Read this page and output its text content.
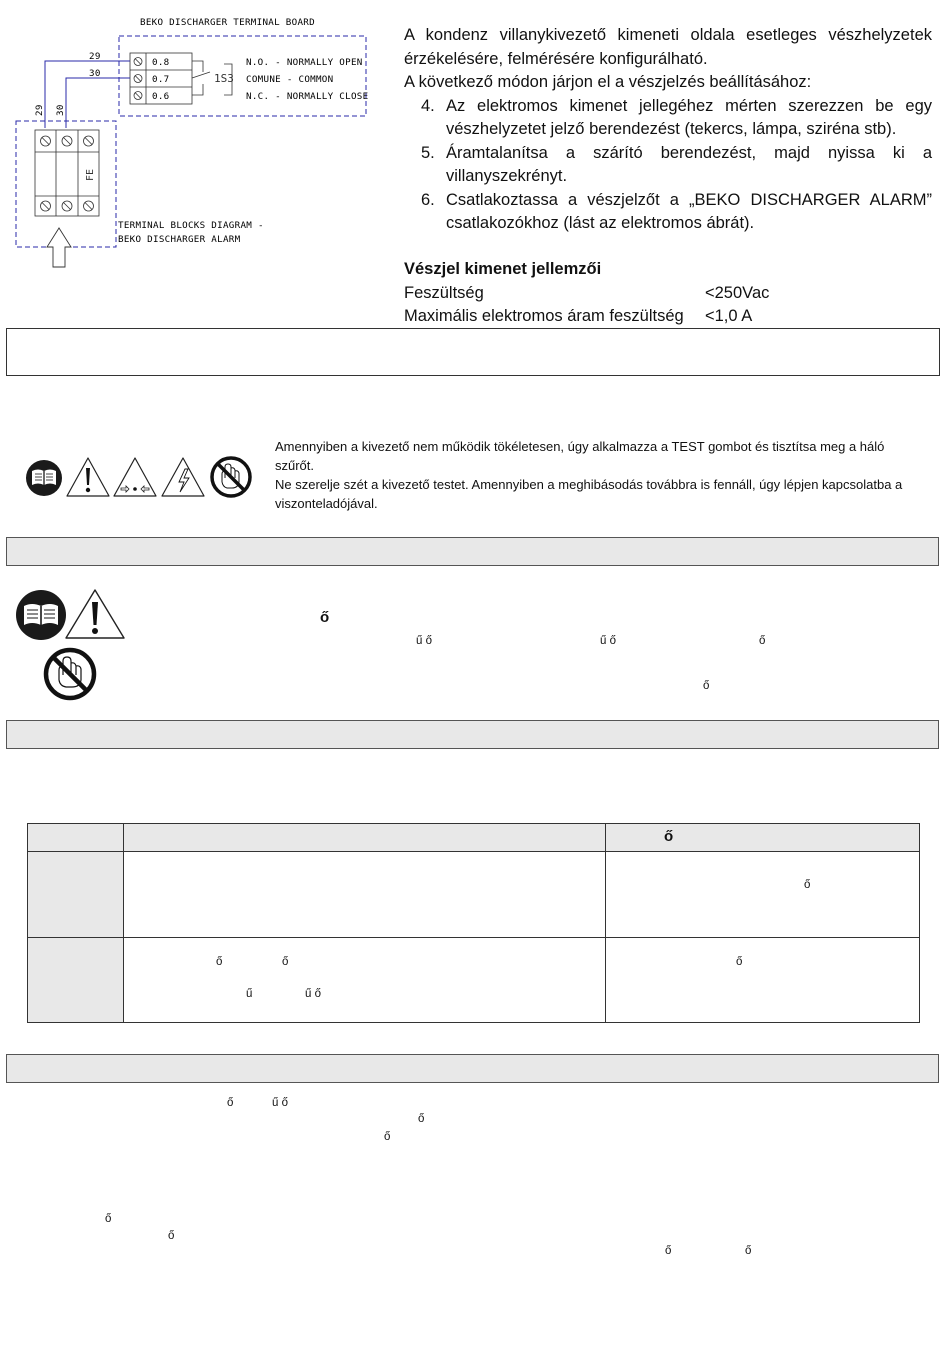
BEKO DISCHARGER TERMINAL BOARD
0.8
0.7
0.6
1S3
N.O. - NORMALLY OPEN
COMUNE - COMMON
N.C. - NORMALLY CLOSE
29
30
29 30
FE
TERMINAL BLOCKS DIAGRAM -
BEKO DISCHARGER ALARM
A kondenz villanykivezető kimeneti oldala esetleges vészhelyzetek érzékelésére, felmérésére konfigurálható.
A következő módon járjon el a vészjelzés beállításához:
4. Az elektromos kimenet jellegéhez mérten szerezzen be egy vészhelyzetet jelző berendezést (tekercs, lámpa, sziréna stb).
5. Áramtalanítsa a szárító berendezést, majd nyissa ki a villanyszekrényt.
6. Csatlakoztassa a vészjelzőt a „BEKO DISCHARGER ALARM” csatlakozókhoz (lást az elektromos ábrát).
Vészjel kimenet jellemzői
Feszültség	<250Vac
Maximális elektromos áram feszültség <1,0 A
Amennyiben a kivezető nem működik tökéletesen, úgy alkalmazza a TEST gombot és tisztítsa meg a háló szűrőt.
Ne szerelje szét a kivezető testet. Amennyiben a meghibásodás továbbra is fennáll, úgy lépjen kapcsolatba a viszonteladójával.
ő
ű ő	ű ő	ő
ő

		ő

		ő

	ő ő
ű ű ő	ő
ő	ű ő
ő
ő
ő
ő
ő	ő
